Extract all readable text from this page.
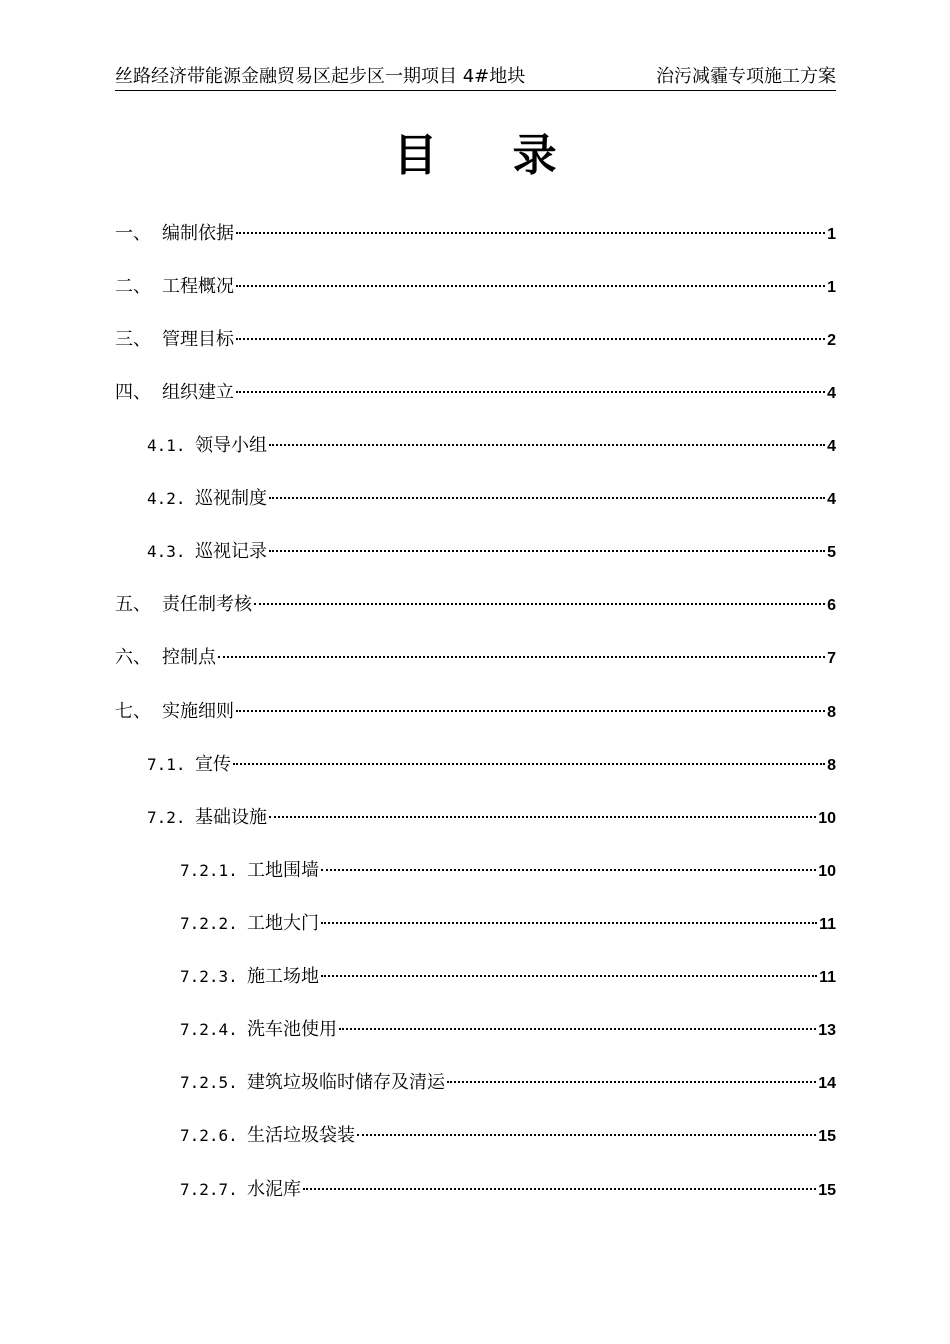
丝路经济带能源金融贸易区起步区一期项目 4#地块	治污减霾专项施工方案
目 录
一、 编制依据	1
二、 工程概况	1
三、 管理目标	2
四、 组织建立	4
4.1. 领导小组	4
4.2. 巡视制度	4
4.3. 巡视记录	5
五、 责任制考核	6
六、 控制点	7
七、 实施细则	8
7.1. 宣传	8
7.2. 基础设施	10
7.2.1. 工地围墙	10
7.2.2. 工地大门	11
7.2.3. 施工场地	11
7.2.4. 洗车池使用	13
7.2.5. 建筑垃圾临时储存及清运	14
7.2.6. 生活垃圾袋装	15
7.2.7. 水泥库	15
